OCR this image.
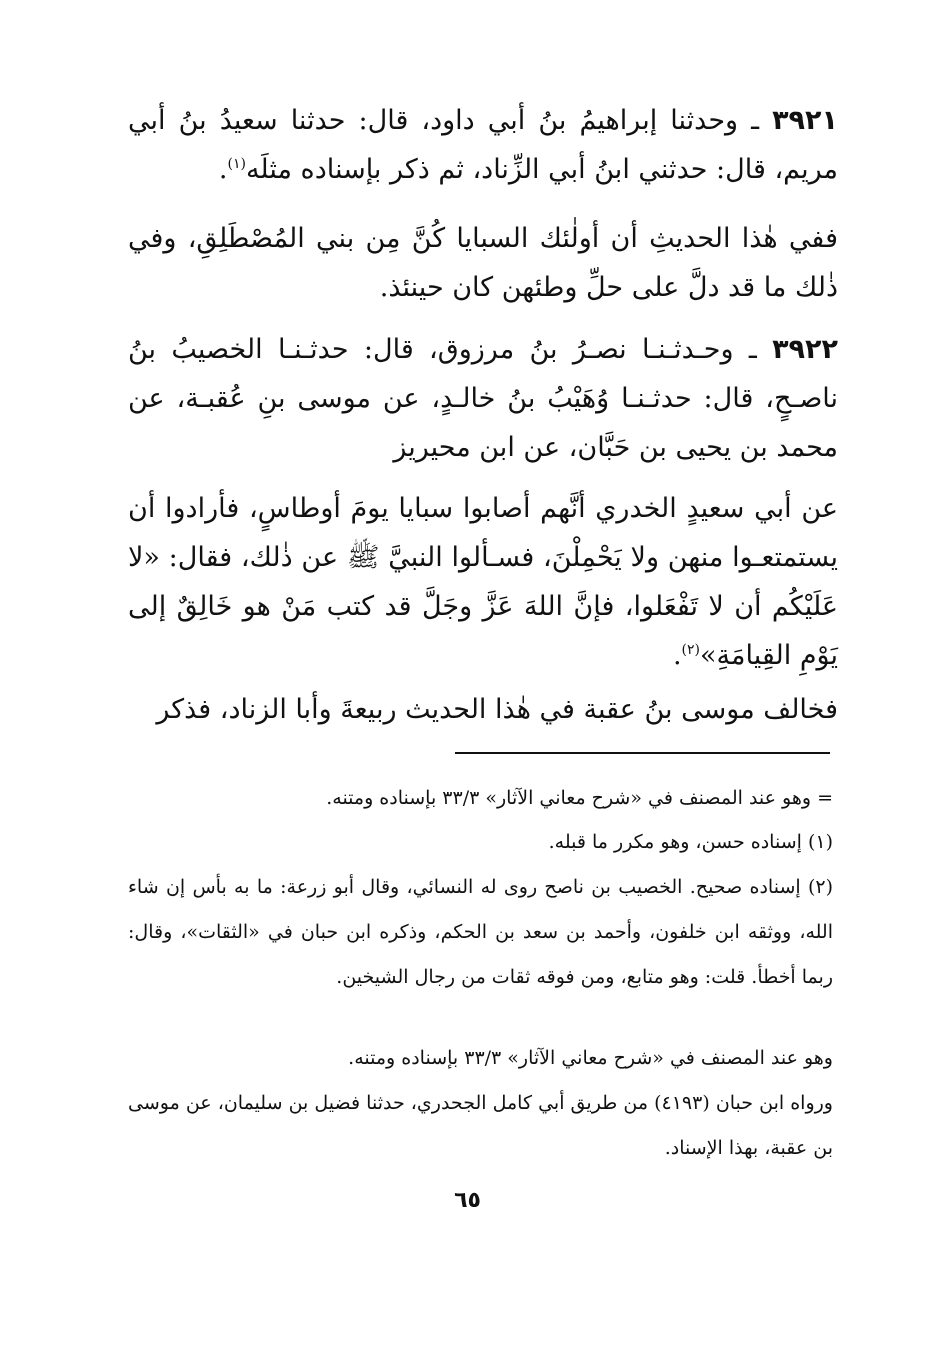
٣٩٢١ ـ وحدثنا إبراهيمُ بنُ أبي داود، قال: حدثنا سعيدُ بنُ أبي مريم، قال: حدثني ابنُ أبي الزِّناد، ثم ذكر بإسناده مثلَه$^{(١)}$.
ففي هٰذا الحديثِ أن أولٰئك السبايا كُنَّ مِن بني المُصْطَلِقِ، وفي ذٰلك ما قد دلَّ على حلِّ وطئهن كان حينئذ.
٣٩٢٢ ـ وحـدثـنـا نصـرُ بنُ مرزوق، قال: حدثـنـا الخصيبُ بنُ ناصـحٍ، قال: حدثـنـا وُهَيْبُ بنُ خالـدٍ، عن موسى بنِ عُقبـة، عن محمد بن يحيى بن حَبَّان، عن ابن محيريز
عن أبي سعيدٍ الخدري أنَّهم أصابوا سبايا يومَ أوطاسٍ، فأرادوا أن يستمتعـوا منهن ولا يَحْمِلْنَ، فسـألوا النبيَّ ﷺ عن ذٰلك، فقال: «لا عَلَيْكُم أن لا تَفْعَلوا، فإنَّ اللهَ عَزَّ وجَلَّ قد كتب مَنْ هو خَالِقٌ إلى يَوْمِ القِيامَةِ»$^{(٢)}$.
فخالف موسى بنُ عقبة في هٰذا الحديث ربيعةَ وأبا الزناد، فذكر
= وهو عند المصنف في «شرح معاني الآثار» ٣٣/٣ بإسناده ومتنه.
(١) إسناده حسن، وهو مكرر ما قبله.
(٢) إسناده صحيح. الخصيب بن ناصح روى له النسائي، وقال أبو زرعة: ما به بأس إن شاء الله، ووثقه ابن خلفون، وأحمد بن سعد بن الحكم، وذكره ابن حبان في «الثقات»، وقال: ربما أخطأ. قلت: وهو متابع، ومن فوقه ثقات من رجال الشيخين.
وهو عند المصنف في «شرح معاني الآثار» ٣٣/٣ بإسناده ومتنه.
ورواه ابن حبان (٤١٩٣) من طريق أبي كامل الجحدري، حدثنا فضيل بن سليمان، عن موسى بن عقبة، بهذا الإسناد.
٦٥
